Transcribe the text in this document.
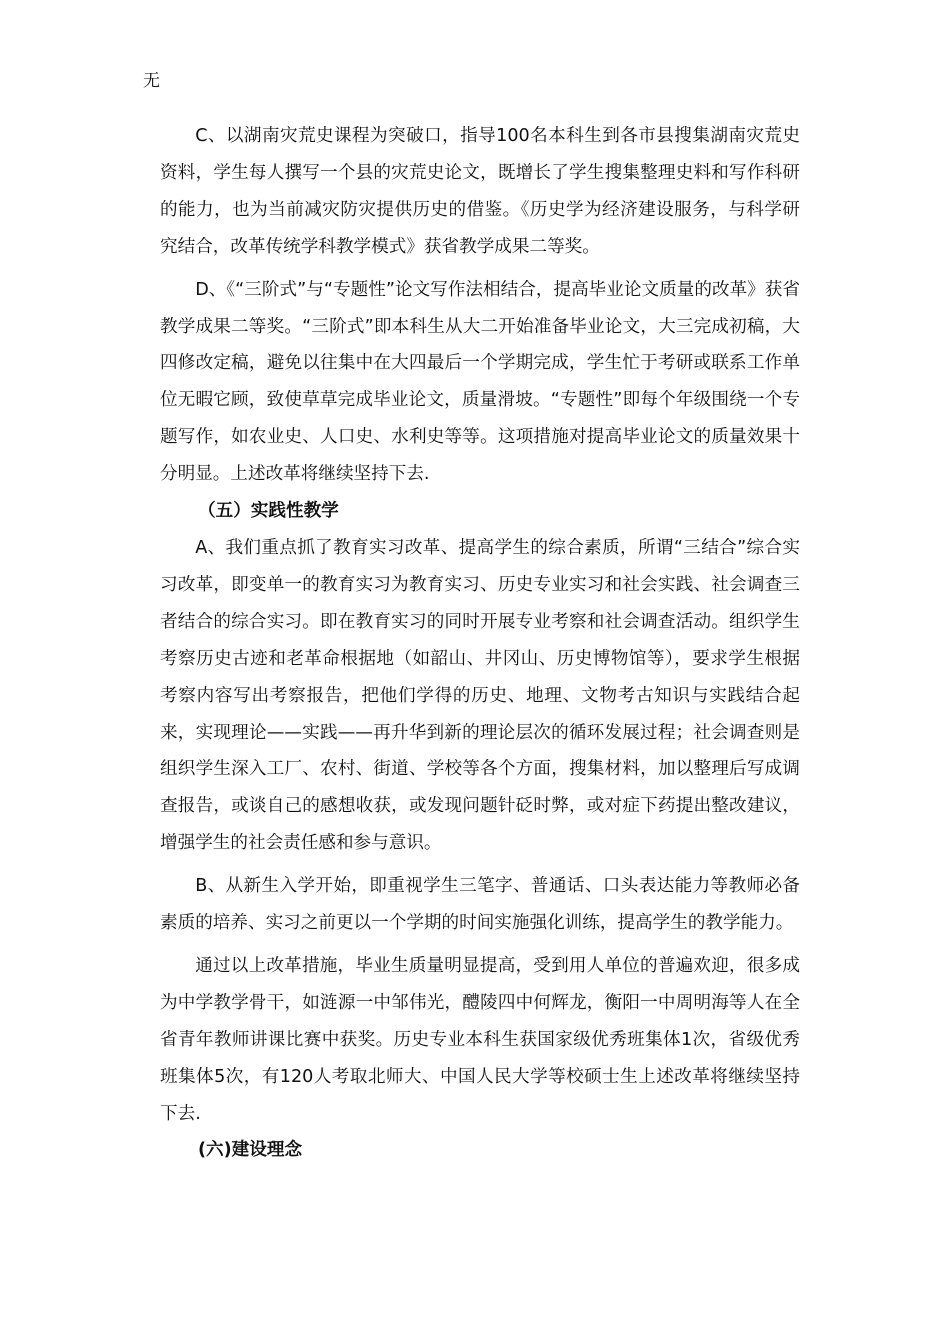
无

C、以湖南灾荒史课程为突破口，指导100名本科生到各市县搜集湖南灾荒史资料，学生每人撰写一个县的灾荒史论文，既增长了学生搜集整理史料和写作科研的能力，也为当前减灾防灾提供历史的借鉴。《历史学为经济建设服务，与科学研究结合，改革传统学科教学模式》获省教学成果二等奖。

D、《“三阶式”与“专题性”论文写作法相结合，提高毕业论文质量的改革》获省教学成果二等奖。“三阶式”即本科生从大二开始准备毕业论文，大三完成初稿，大四修改定稿，避免以往集中在大四最后一个学期完成，学生忙于考研或联系工作单位无暇它顾，致使草草完成毕业论文，质量滑坡。“专题性”即每个年级围绕一个专题写作，如农业史、人口史、水利史等等。这项措施对提高毕业论文的质量效果十分明显。上述改革将继续坚持下去.

（五）实践性教学

A、我们重点抓了教育实习改革、提高学生的综合素质，所谓“三结合”综合实习改革，即变单一的教育实习为教育实习、历史专业实习和社会实践、社会调查三者结合的综合实习。即在教育实习的同时开展专业考察和社会调查活动。组织学生考察历史古迹和老革命根据地（如韶山、井冈山、历史博物馆等），要求学生根据考察内容写出考察报告，把他们学得的历史、地理、文物考古知识与实践结合起来，实现理论——实践——再升华到新的理论层次的循环发展过程；社会调查则是组织学生深入工厂、农村、街道、学校等各个方面，搜集材料，加以整理后写成调查报告，或谈自己的感想收获，或发现问题针砭时弊，或对症下药提出整改建议，增强学生的社会责任感和参与意识。

B、从新生入学开始，即重视学生三笔字、普通话、口头表达能力等教师必备素质的培养、实习之前更以一个学期的时间实施强化训练，提高学生的教学能力。

通过以上改革措施，毕业生质量明显提高，受到用人单位的普遍欢迎，很多成为中学教学骨干，如涟源一中邹伟光，醴陵四中何辉龙，衡阳一中周明海等人在全省青年教师讲课比赛中获奖。历史专业本科生获国家级优秀班集体1次，省级优秀班集体5次，有120人考取北师大、中国人民大学等校硕士生上述改革将继续坚持下去.

(六)建设理念
